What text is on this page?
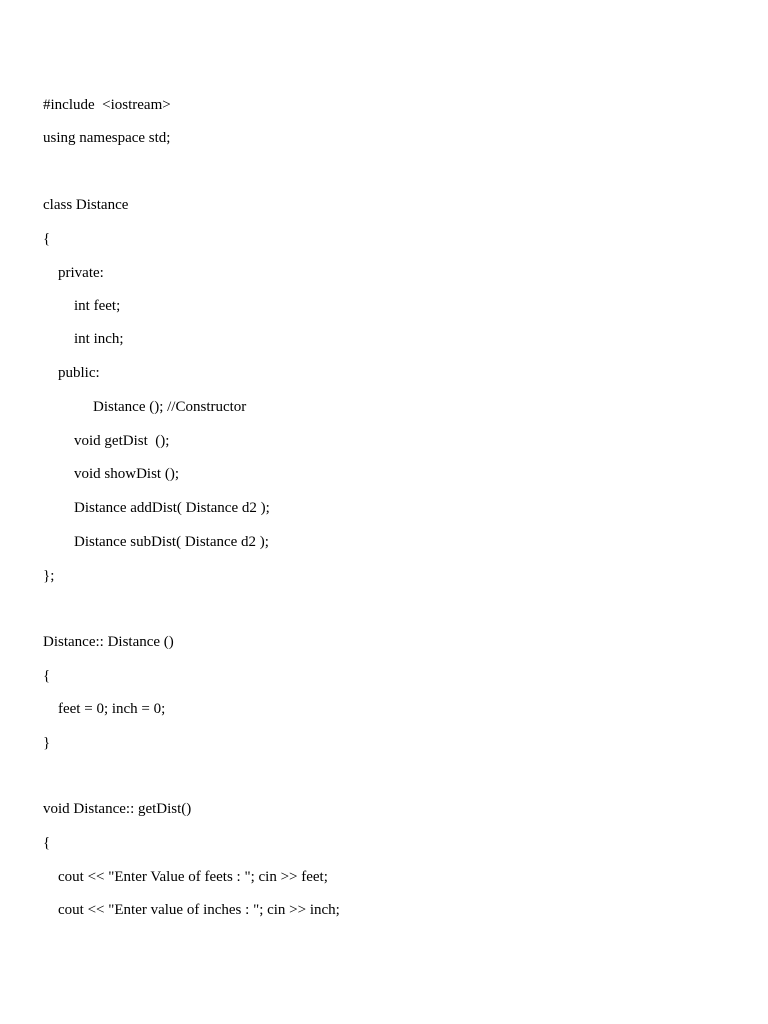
#include  <iostream>
using namespace std;
class Distance
{
private:
int feet;
int inch;
public:
Distance (); //Constructor
void getDist  ();
void showDist ();
Distance addDist( Distance d2 );
Distance subDist( Distance d2 );
};
Distance:: Distance ()
{
feet = 0; inch = 0;
}
void Distance:: getDist()
{
cout << "Enter Value of feets : "; cin >> feet;
cout << "Enter value of inches : "; cin >> inch;
